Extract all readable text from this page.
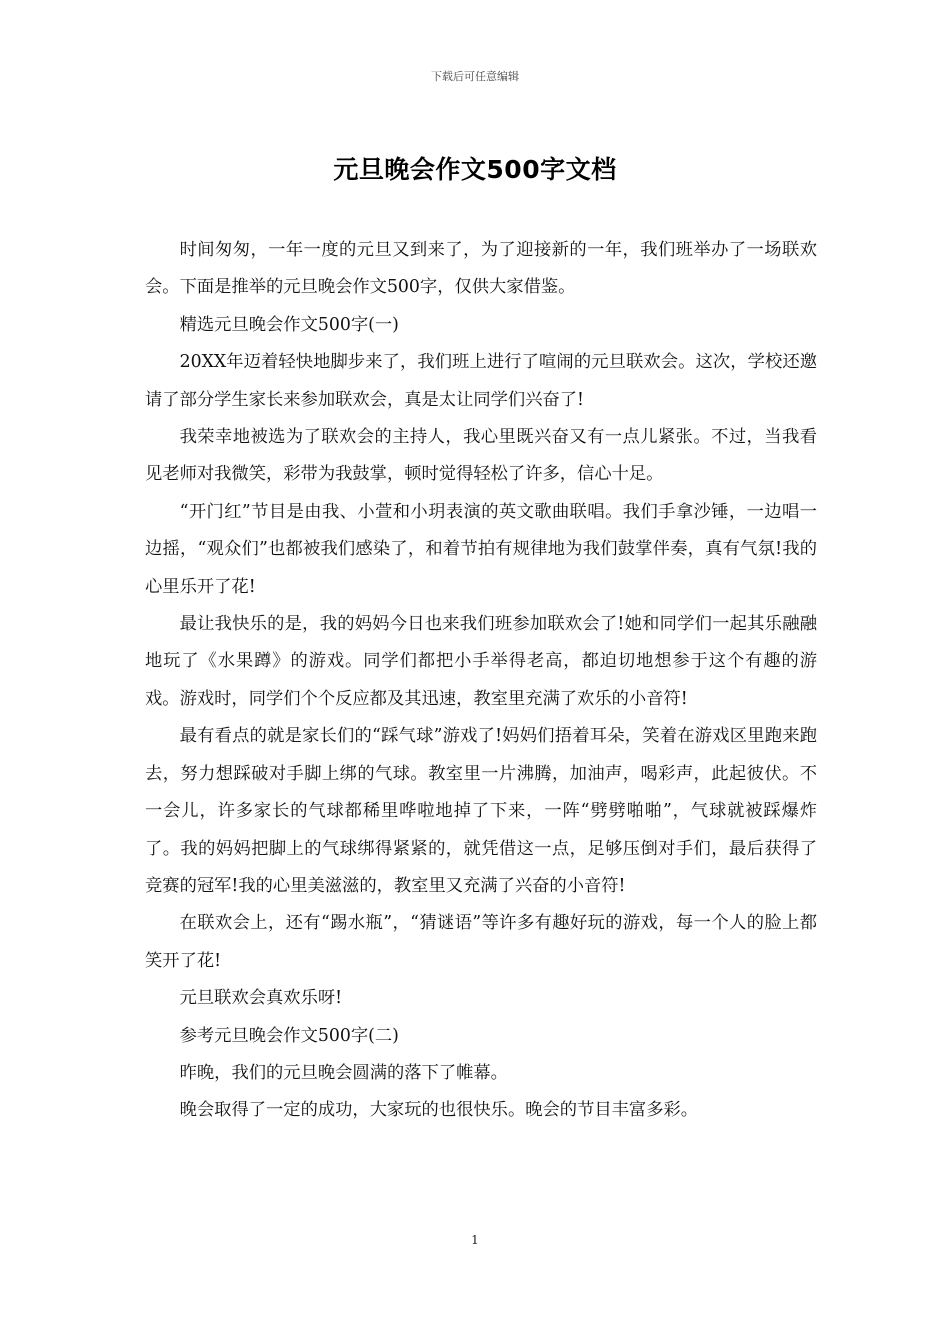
下载后可任意编辑
元旦晚会作文500字文档

时间匆匆，一年一度的元旦又到来了，为了迎接新的一年，我们班举办了一场联欢会。下面是推举的元旦晚会作文500字，仅供大家借鉴。

精选元旦晚会作文500字(一)

20XX年迈着轻快地脚步来了，我们班上进行了喧闹的元旦联欢会。这次，学校还邀请了部分学生家长来参加联欢会，真是太让同学们兴奋了!

我荣幸地被选为了联欢会的主持人，我心里既兴奋又有一点儿紧张。不过，当我看见老师对我微笑，彩带为我鼓掌，顿时觉得轻松了许多，信心十足。

“开门红”节目是由我、小萱和小玥表演的英文歌曲联唱。我们手拿沙锤，一边唱一边摇，“观众们”也都被我们感染了，和着节拍有规律地为我们鼓掌伴奏，真有气氛!我的心里乐开了花!

最让我快乐的是，我的妈妈今日也来我们班参加联欢会了!她和同学们一起其乐融融地玩了《水果蹲》的游戏。同学们都把小手举得老高，都迫切地想参于这个有趣的游戏。游戏时，同学们个个反应都及其迅速，教室里充满了欢乐的小音符!

最有看点的就是家长们的“踩气球”游戏了!妈妈们捂着耳朵，笑着在游戏区里跑来跑去，努力想踩破对手脚上绑的气球。教室里一片沸腾，加油声，喝彩声，此起彼伏。不一会儿，许多家长的气球都稀里哗啦地掉了下来，一阵“劈劈啪啪”，气球就被踩爆炸了。我的妈妈把脚上的气球绑得紧紧的，就凭借这一点，足够压倒对手们，最后获得了竞赛的冠军!我的心里美滋滋的，教室里又充满了兴奋的小音符!

在联欢会上，还有“踢水瓶”，“猜谜语”等许多有趣好玩的游戏，每一个人的脸上都笑开了花!

元旦联欢会真欢乐呀!

参考元旦晚会作文500字(二)

昨晚，我们的元旦晚会圆满的落下了帷幕。

晚会取得了一定的成功，大家玩的也很快乐。晚会的节目丰富多彩。

1
